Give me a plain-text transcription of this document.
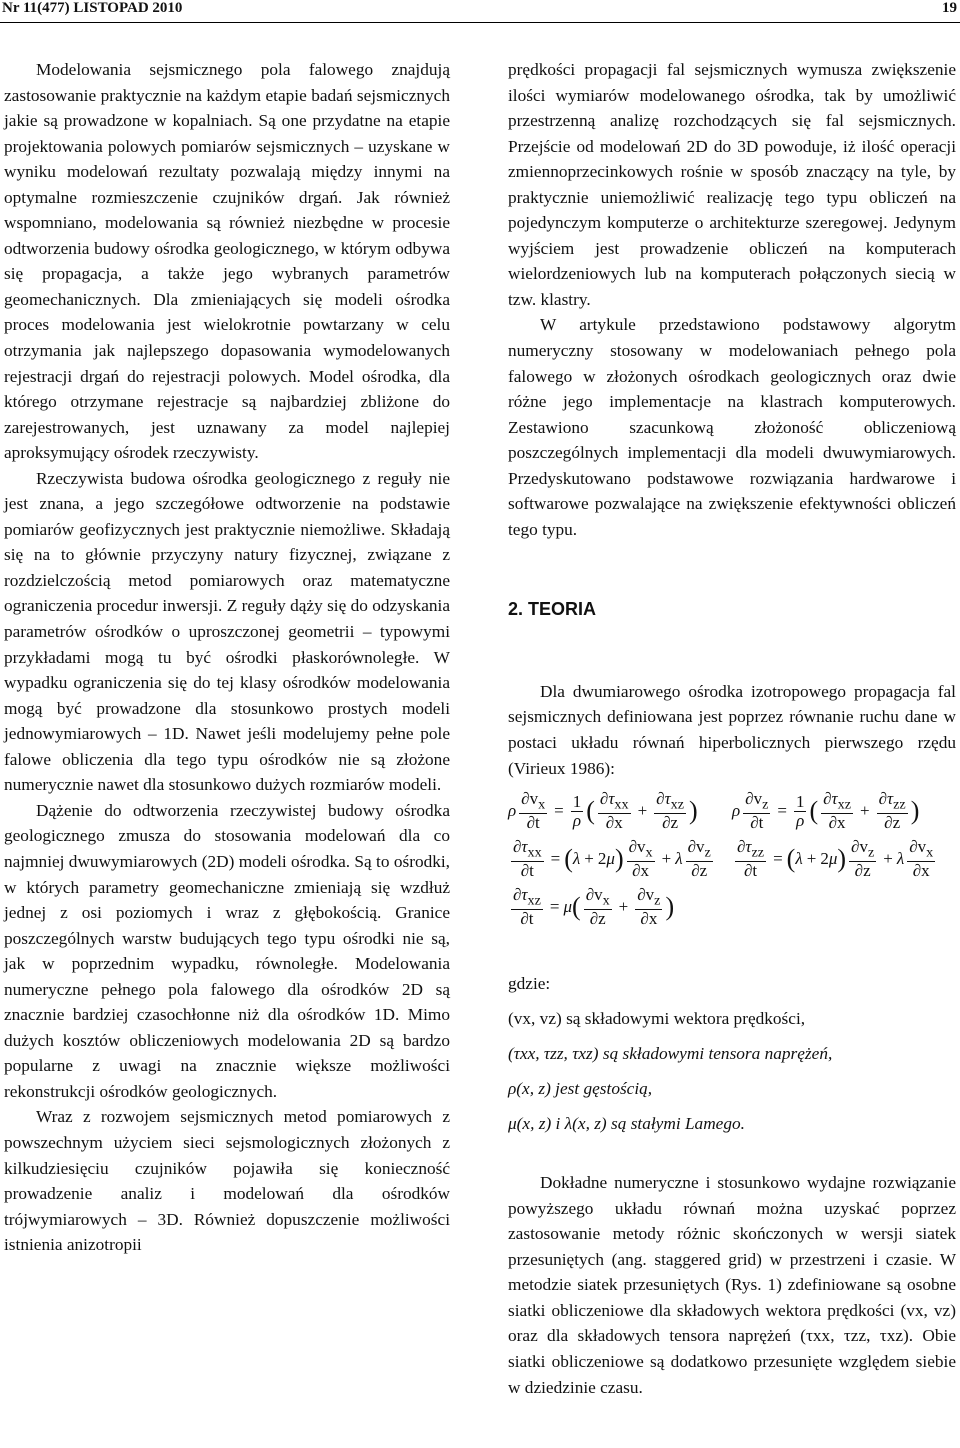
Nr 11(477) LISTOPAD 2010	19

Modelowania sejsmicznego pola falowego znajdują zastosowanie praktycznie na każdym etapie badań sejsmicznych jakie są prowadzone w kopalniach. Są one przydatne na etapie projektowania polowych pomiarów sejsmicznych – uzyskane w wyniku modelowań rezultaty pozwalają między innymi na optymalne rozmieszczenie czujników drgań. Jak również wspomniano, modelowania są również niezbędne w procesie odtworzenia budowy ośrodka geologicznego, w którym odbywa się propagacja, a także jego wybranych parametrów geomechanicznych. Dla zmieniających się modeli ośrodka proces modelowania jest wielokrotnie powtarzany w celu otrzymania jak najlepszego dopasowania wymodelowanych rejestracji drgań do rejestracji polowych. Model ośrodka, dla którego otrzymane rejestracje są najbardziej zbliżone do zarejestrowanych, jest uznawany za model najlepiej aproksymujący ośrodek rzeczywisty.

Rzeczywista budowa ośrodka geologicznego z reguły nie jest znana, a jego szczegółowe odtworzenie na podstawie pomiarów geofizycznych jest praktycznie niemożliwe. Składają się na to głównie przyczyny natury fizycznej, związane z rozdzielczością metod pomiarowych oraz matematyczne ograniczenia procedur inwersji. Z reguły dąży się do odzyskania parametrów ośrodków o uproszczonej geometrii – typowymi przykładami mogą tu być ośrodki płaskorównoległe. W wypadku ograniczenia się do tej klasy ośrodków modelowania mogą być prowadzone dla stosunkowo prostych modeli jednowymiarowych – 1D. Nawet jeśli modelujemy pełne pole falowe obliczenia dla tego typu ośrodków nie są złożone numerycznie nawet dla stosunkowo dużych rozmiarów modeli.

Dążenie do odtworzenia rzeczywistej budowy ośrodka geologicznego zmusza do stosowania modelowań dla co najmniej dwuwymiarowych (2D) modeli ośrodka. Są to ośrodki, w których parametry geomechaniczne zmieniają się wzdłuż jednej z osi poziomych i wraz z głębokością. Granice poszczególnych warstw budujących tego typu ośrodki nie są, jak w poprzednim wypadku, równoległe. Modelowania numeryczne pełnego pola falowego dla ośrodków 2D są znacznie bardziej czasochłonne niż dla ośrodków 1D. Mimo dużych kosztów obliczeniowych modelowania 2D są bardzo popularne z uwagi na znacznie większe możliwości rekonstrukcji ośrodków geologicznych.

Wraz z rozwojem sejsmicznych metod pomiarowych z powszechnym użyciem sieci sejsmologicznych złożonych z kilkudziesięciu czujników pojawiła się konieczność prowadzenie analiz i modelowań dla ośrodków trójwymiarowych – 3D. Również dopuszczenie możliwości istnienia anizotropii

prędkości propagacji fal sejsmicznych wymusza zwiększenie ilości wymiarów modelowanego ośrodka, tak by umożliwić przestrzenną analizę rozchodzących się fal sejsmicznych. Przejście od modelowań 2D do 3D powoduje, iż ilość operacji zmiennoprzecinkowych rośnie w sposób znaczący na tyle, by praktycznie uniemożliwić realizację tego typu obliczeń na pojedynczym komputerze o architekturze szeregowej. Jedynym wyjściem jest prowadzenie obliczeń na komputerach wielordzeniowych lub na komputerach połączonych siecią w tzw. klastry.

W artykule przedstawiono podstawowy algorytm numeryczny stosowany w modelowaniach pełnego pola falowego w złożonych ośrodkach geologicznych oraz dwie różne jego implementacje na klastrach komputerowych. Zestawiono szacunkową złożoność obliczeniową poszczególnych implementacji dla modeli dwuwymiarowych. Przedyskutowano podstawowe rozwiązania hardwarowe i softwarowe pozwalające na zwiększenie efektywności obliczeń tego typu.

2. TEORIA

Dla dwumiarowego ośrodka izotropowego propagacja fal sejsmicznych definiowana jest poprzez równanie ruchu dane w postaci układu równań hiperbolicznych pierwszego rzędu (Virieux 1986):

ρ $\frac{\partial v_x}{\partial t} = \frac{1}{\rho}$ ( $\frac{\partial\tau_{xx}}{\partial x} + \frac{\partial\tau_{xz}}{\partial z}$ ) ρ $\frac{\partial v_z}{\partial t} = \frac{1}{\rho}$ ( $\frac{\partial\tau_{xz}}{\partial x} + \frac{\partial\tau_{zz}}{\partial z}$ )
$\frac{\partial\tau_{xx}}{\partial t}$ = ( λ + 2 μ ) $\frac{\partial v_x}{\partial x} + \lambda \frac{\partial v_z}{\partial z} \frac{\partial\tau_{zz}}{\partial t}$ = ( λ + 2 μ ) $\frac{\partial v_z}{\partial z} + \lambda \frac{\partial v_x}{\partial x}$
$\frac{\partial\tau_{xz}}{\partial t} = \mu$ ( $\frac{\partial v_x}{\partial z} + \frac{\partial v_z}{\partial x}$ )
gdzie:
(vx, vz) są składowymi wektora prędkości,
(τxx, τzz, τxz) są składowymi tensora naprężeń,
ρ(x, z) jest gęstością,
μ(x, z) i λ(x, z) są stałymi Lamego.

Dokładne numeryczne i stosunkowo wydajne rozwiązanie powyższego układu równań można uzyskać poprzez zastosowanie metody różnic skończonych w wersji siatek przesuniętych (ang. staggered grid) w przestrzeni i czasie. W metodzie siatek przesuniętych (Rys. 1) zdefiniowane są osobne siatki obliczeniowe dla składowych wektora prędkości (vx, vz) oraz dla składowych tensora naprężeń (τxx, τzz, τxz). Obie siatki obliczeniowe są dodatkowo przesunięte względem siebie w dziedzinie czasu.
